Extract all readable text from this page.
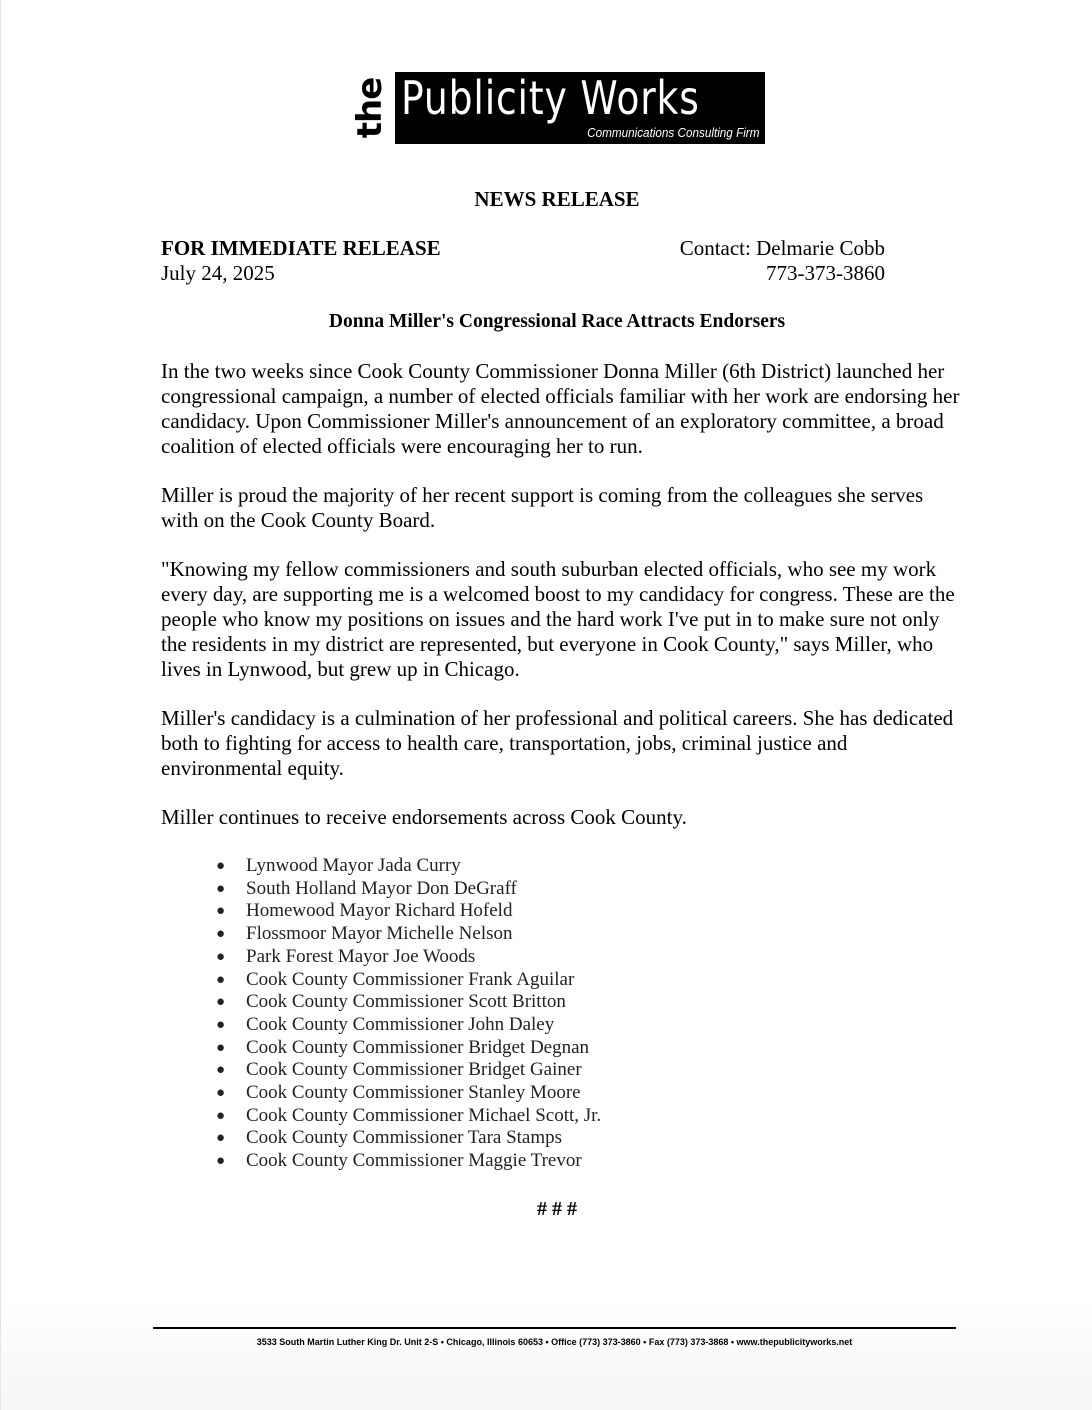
the Publicity Works
Communications Consulting Firm
NEWS RELEASE
FOR IMMEDIATE RELEASE
July 24, 2025
Contact: Delmarie Cobb
773-373-3860
Donna Miller's Congressional Race Attracts Endorsers

In the two weeks since Cook County Commissioner Donna Miller (6th District) launched her congressional campaign, a number of elected officials familiar with her work are endorsing her candidacy. Upon Commissioner Miller's announcement of an exploratory committee, a broad coalition of elected officials were encouraging her to run.

Miller is proud the majority of her recent support is coming from the colleagues she serves with on the Cook County Board.

"Knowing my fellow commissioners and south suburban elected officials, who see my work every day, are supporting me is a welcomed boost to my candidacy for congress. These are the people who know my positions on issues and the hard work I've put in to make sure not only the residents in my district are represented, but everyone in Cook County," says Miller, who lives in Lynwood, but grew up in Chicago.

Miller's candidacy is a culmination of her professional and political careers. She has dedicated both to fighting for access to health care, transportation, jobs, criminal justice and environmental equity.

Miller continues to receive endorsements across Cook County.

● Lynwood Mayor Jada Curry
● South Holland Mayor Don DeGraff
● Homewood Mayor Richard Hofeld
● Flossmoor Mayor Michelle Nelson
● Park Forest Mayor Joe Woods
● Cook County Commissioner Frank Aguilar
● Cook County Commissioner Scott Britton
● Cook County Commissioner John Daley
● Cook County Commissioner Bridget Degnan
● Cook County Commissioner Bridget Gainer
● Cook County Commissioner Stanley Moore
● Cook County Commissioner Michael Scott, Jr.
● Cook County Commissioner Tara Stamps
● Cook County Commissioner Maggie Trevor
# # #
3533 South Martin Luther King Dr. Unit 2-S • Chicago, Illinois 60653 • Office (773) 373-3860 • Fax (773) 373-3868 • www.thepublicityworks.net
